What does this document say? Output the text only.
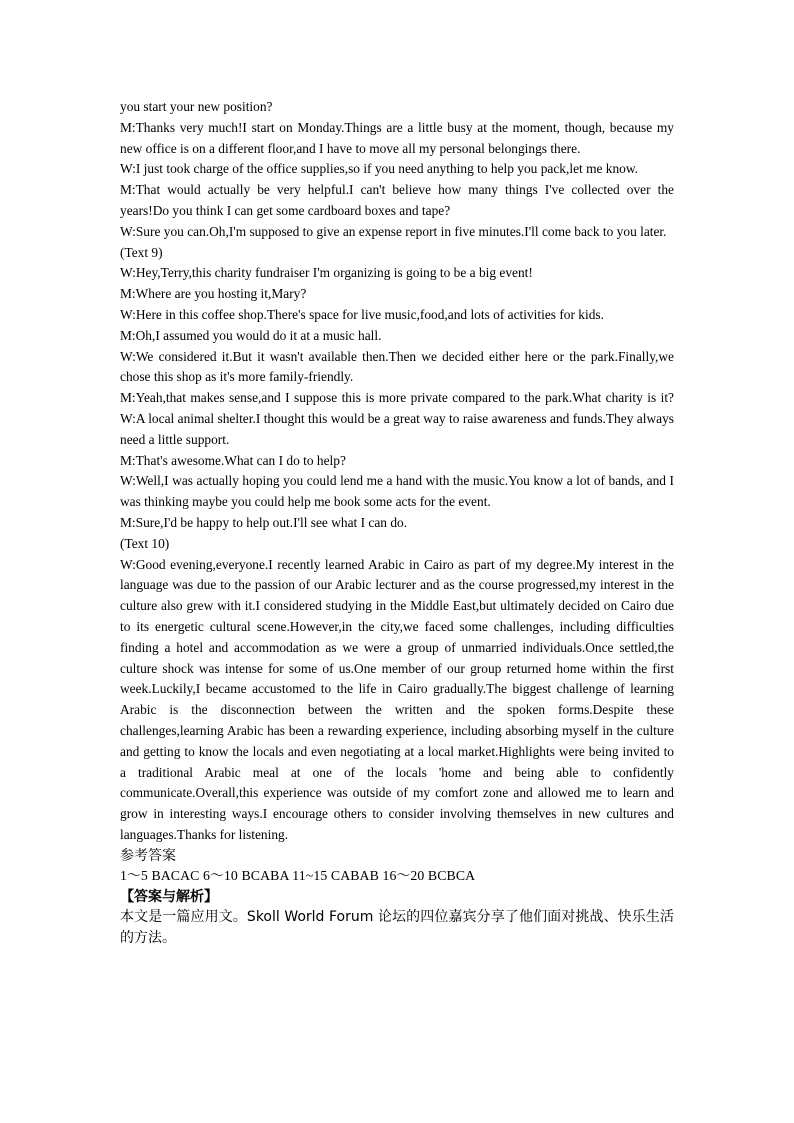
you start your new position?

M:Thanks very much!I start on Monday.Things are a little busy at the moment, though, because my new office is on a different floor,and I have to move all my personal belongings there.

W:I just took charge of the office supplies,so if you need anything to help you pack,let me know.

M:That would actually be very helpful.I can't believe how many things I've collected over the years!Do you think I can get some cardboard boxes and tape?

W:Sure you can.Oh,I'm supposed to give an expense report in five minutes.I'll come back to you later.

(Text 9)

W:Hey,Terry,this charity fundraiser I'm organizing is going to be a big event!

M:Where are you hosting it,Mary?

W:Here in this coffee shop.There's space for live music,food,and lots of activities for kids.

M:Oh,I assumed you would do it at a music hall.

W:We considered it.But it wasn't available then.Then we decided either here or the park.Finally,we chose this shop as it's more family-friendly.

M:Yeah,that makes sense,and I suppose this is more private compared to the park.What charity is it?W:A local animal shelter.I thought this would be a great way to raise awareness and funds.They always need a little support.

M:That's awesome.What can I do to help?

W:Well,I was actually hoping you could lend me a hand with the music.You know a lot of bands, and I was thinking maybe you could help me book some acts for the event.

M:Sure,I'd be happy to help out.I'll see what I can do.

(Text 10)

W:Good evening,everyone.I recently learned Arabic in Cairo as part of my degree.My interest in the language was due to the passion of our Arabic lecturer and as the course progressed,my interest in the culture also grew with it.I considered studying in the Middle East,but ultimately decided on Cairo due to its energetic cultural scene.However,in the city,we faced some challenges, including difficulties finding a hotel and accommodation as we were a group of unmarried individuals.Once settled,the culture shock was intense for some of us.One member of our group returned home within the first week.Luckily,I became accustomed to the life in Cairo gradually.The biggest challenge of learning Arabic is the disconnection between the written and the spoken forms.Despite these challenges,learning Arabic has been a rewarding experience, including absorbing myself in the culture and getting to know the locals and even negotiating at a local market.Highlights were being invited to a traditional Arabic meal at one of the locals 'home and being able to confidently communicate.Overall,this experience was outside of my comfort zone and allowed me to learn and grow in interesting ways.I encourage others to consider involving themselves in new cultures and languages.Thanks for listening.

参考答案

1～5 BACAC 6～10 BCABA 11~15 CABAB 16～20 BCBCA

【答案与解析】

本文是一篇应用文。Skoll World Forum 论坛的四位嘉宾分享了他们面对挑战、快乐生活的方法。
